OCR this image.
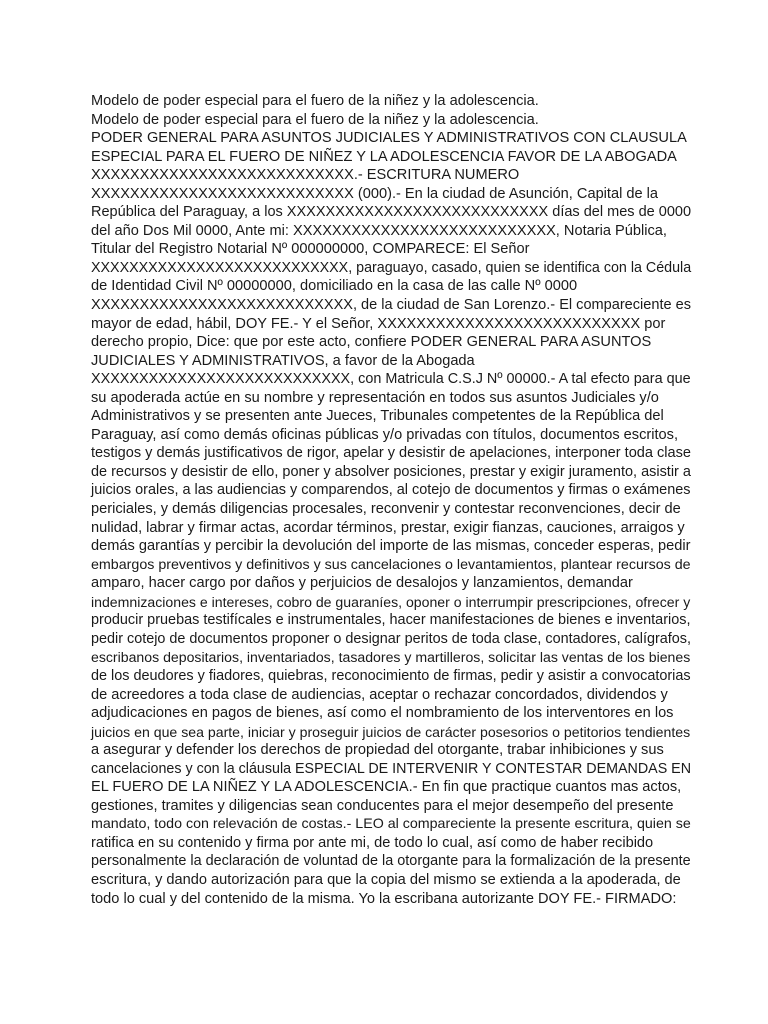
Modelo de poder especial para el fuero de la niñez y la adolescencia.
Modelo de poder especial para el fuero de la niñez y la adolescencia.
PODER GENERAL PARA ASUNTOS JUDICIALES Y ADMINISTRATIVOS CON CLAUSULA
ESPECIAL PARA EL FUERO DE NIÑEZ Y LA ADOLESCENCIA FAVOR DE LA ABOGADA
XXXXXXXXXXXXXXXXXXXXXXXXXXX.- ESCRITURA NUMERO
XXXXXXXXXXXXXXXXXXXXXXXXXXX (000).- En la ciudad de Asunción, Capital de la
República del Paraguay, a los XXXXXXXXXXXXXXXXXXXXXXXXXXX días del mes de 0000
del año Dos Mil 0000, Ante mi: XXXXXXXXXXXXXXXXXXXXXXXXXXX, Notaria Pública,
Titular del Registro Notarial Nº 000000000, COMPARECE: El Señor
XXXXXXXXXXXXXXXXXXXXXXXXXXX, paraguayo, casado, quien se identifica con la Cédula
de Identidad Civil Nº 00000000, domiciliado en la casa de las calle Nº 0000
XXXXXXXXXXXXXXXXXXXXXXXXXXX, de la ciudad de San Lorenzo.- El compareciente es
mayor de edad, hábil, DOY FE.- Y el Señor, XXXXXXXXXXXXXXXXXXXXXXXXXXX por
derecho propio, Dice: que por este acto, confiere PODER GENERAL PARA ASUNTOS
JUDICIALES Y ADMINISTRATIVOS, a favor de la Abogada
XXXXXXXXXXXXXXXXXXXXXXXXXXX, con Matricula C.S.J Nº 00000.- A tal efecto para que
su apoderada actúe en su nombre y representación en todos sus asuntos Judiciales y/o
Administrativos y se presenten ante Jueces, Tribunales competentes de la República del
Paraguay, así como demás oficinas públicas y/o privadas con títulos, documentos escritos,
testigos y demás justificativos de rigor, apelar y desistir de apelaciones, interponer toda clase
de recursos y desistir de ello, poner y absolver posiciones, prestar y exigir juramento, asistir a
juicios orales, a las audiencias y comparendos, al cotejo de documentos y firmas o exámenes
periciales, y demás diligencias procesales, reconvenir y contestar reconvenciones, decir de
nulidad, labrar y firmar actas, acordar términos, prestar, exigir fianzas, cauciones, arraigos y
demás garantías y percibir la devolución del importe de las mismas, conceder esperas, pedir
embargos preventivos y definitivos y sus cancelaciones o levantamientos, plantear recursos de
amparo, hacer cargo por daños y perjuicios de desalojos y lanzamientos, demandar
indemnizaciones e intereses, cobro de guaraníes, oponer o interrumpir prescripciones, ofrecer y
producir pruebas testifícales e instrumentales, hacer manifestaciones de bienes e inventarios,
pedir cotejo de documentos proponer o designar peritos de toda clase, contadores, calígrafos,
escribanos depositarios, inventariados, tasadores y martilleros, solicitar las ventas de los bienes
de los deudores y fiadores, quiebras, reconocimiento de firmas, pedir y asistir a convocatorias
de acreedores a toda clase de audiencias, aceptar o rechazar concordados, dividendos y
adjudicaciones en pagos de bienes, así como el nombramiento de los interventores en los
juicios en que sea parte, iniciar y proseguir juicios de carácter posesorios o petitorios tendientes
a asegurar y defender los derechos de propiedad del otorgante, trabar inhibiciones y sus
cancelaciones y con la cláusula ESPECIAL DE INTERVENIR Y CONTESTAR DEMANDAS EN
EL FUERO DE LA NIÑEZ Y LA ADOLESCENCIA.- En fin que practique cuantos mas actos,
gestiones, tramites y diligencias sean conducentes para el mejor desempeño del presente
mandato, todo con relevación de costas.- LEO al compareciente la presente escritura, quien se
ratifica en su contenido y firma por ante mi, de todo lo cual, así como de haber recibido
personalmente la declaración de voluntad de la otorgante para la formalización de la presente
escritura, y dando autorización para que la copia del mismo se extienda a la apoderada, de
todo lo cual y del contenido de la misma. Yo la escribana autorizante DOY FE.- FIRMADO:
